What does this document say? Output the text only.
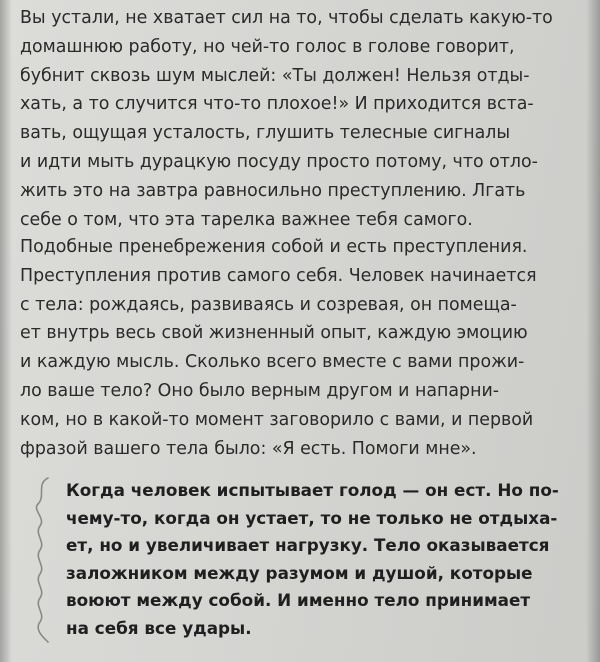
Вы устали, не хватает сил на то, чтобы сделать какую-то
домашнюю работу, но чей-то голос в голове говорит,
бубнит сквозь шум мыслей: «Ты должен! Нельзя отды-
хать, а то случится что-то плохое!» И приходится вста-
вать, ощущая усталость, глушить телесные сигналы
и идти мыть дурацкую посуду просто потому, что отло-
жить это на завтра равносильно преступлению. Лгать
себе о том, что эта тарелка важнее тебя самого.
Подобные пренебрежения собой и есть преступления.
Преступления против самого себя. Человек начинается
с тела: рождаясь, развиваясь и созревая, он помеща-
ет внутрь весь свой жизненный опыт, каждую эмоцию
и каждую мысль. Сколько всего вместе с вами прожи-
ло ваше тело? Оно было верным другом и напарни-
ком, но в какой-то момент заговорило с вами, и первой
фразой вашего тела было: «Я есть. Помоги мне».
Когда человек испытывает голод — он ест. Но по-
чему-то, когда он устает, то не только не отдыха-
ет, но и увеличивает нагрузку. Тело оказывается
заложником между разумом и душой, которые
воюют между собой. И именно тело принимает
на себя все удары.
